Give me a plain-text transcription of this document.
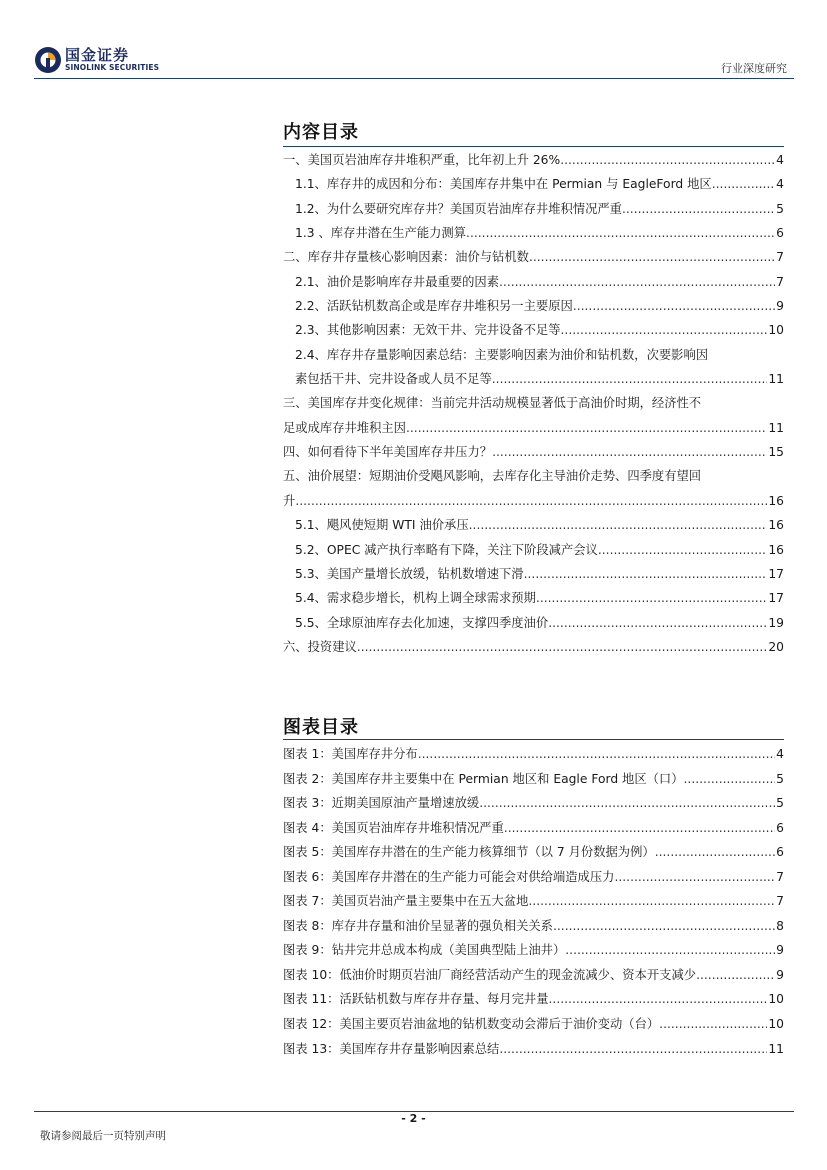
国金证券
SINOLINK SECURITIES	行业深度研究
内容目录
一、美国页岩油库存井堆积严重，比年初上升 26% .....	4
1.1、库存井的成因和分布：美国库存井集中在 Permian 与 EagleFord 地区 .....	4
1.2、为什么要研究库存井？美国页岩油库存井堆积情况严重 .....	5
1.3 、库存井潜在生产能力测算 .....	6
二、库存井存量核心影响因素：油价与钻机数 .....	7
2.1、油价是影响库存井最重要的因素 .....	7
2.2、活跃钻机数高企或是库存井堆积另一主要原因 .....	9
2.3、其他影响因素：无效干井、完井设备不足等 .....	10
2.4、库存井存量影响因素总结：主要影响因素为油价和钻机数，次要影响因
素包括干井、完井设备或人员不足等 .....	11
三、美国库存井变化规律：当前完井活动规模显著低于高油价时期，经济性不
足或成库存井堆积主因 .....	11
四、如何看待下半年美国库存井压力？ .....	15
五、油价展望：短期油价受飓风影响，去库存化主导油价走势、四季度有望回
升 .....	16
5.1、飓风使短期 WTI 油价承压 .....	16
5.2、OPEC 减产执行率略有下降，关注下阶段减产会议 .....	16
5.3、美国产量增长放缓，钻机数增速下滑 .....	17
5.4、需求稳步增长，机构上调全球需求预期 .....	17
5.5、全球原油库存去化加速，支撑四季度油价 .....	19
六、投资建议 .....	20
图表目录
图表 1：美国库存井分布 .....	4
图表 2：美国库存井主要集中在 Permian 地区和 Eagle Ford 地区（口） .....	5
图表 3：近期美国原油产量增速放缓 .....	5
图表 4：美国页岩油库存井堆积情况严重 .....	6
图表 5：美国库存井潜在的生产能力核算细节（以 7 月份数据为例） .....	6
图表 6：美国库存井潜在的生产能力可能会对供给端造成压力 .....	7
图表 7：美国页岩油产量主要集中在五大盆地 .....	7
图表 8：库存井存量和油价呈显著的强负相关关系 .....	8
图表 9：钻井完井总成本构成（美国典型陆上油井） .....	9
图表 10：低油价时期页岩油厂商经营活动产生的现金流减少、资本开支减少 .....	9
图表 11：活跃钻机数与库存井存量、每月完井量 .....	10
图表 12：美国主要页岩油盆地的钻机数变动会滞后于油价变动（台） .....	10
图表 13：美国库存井存量影响因素总结 .....	11
- 2 -
敬请参阅最后一页特别声明
